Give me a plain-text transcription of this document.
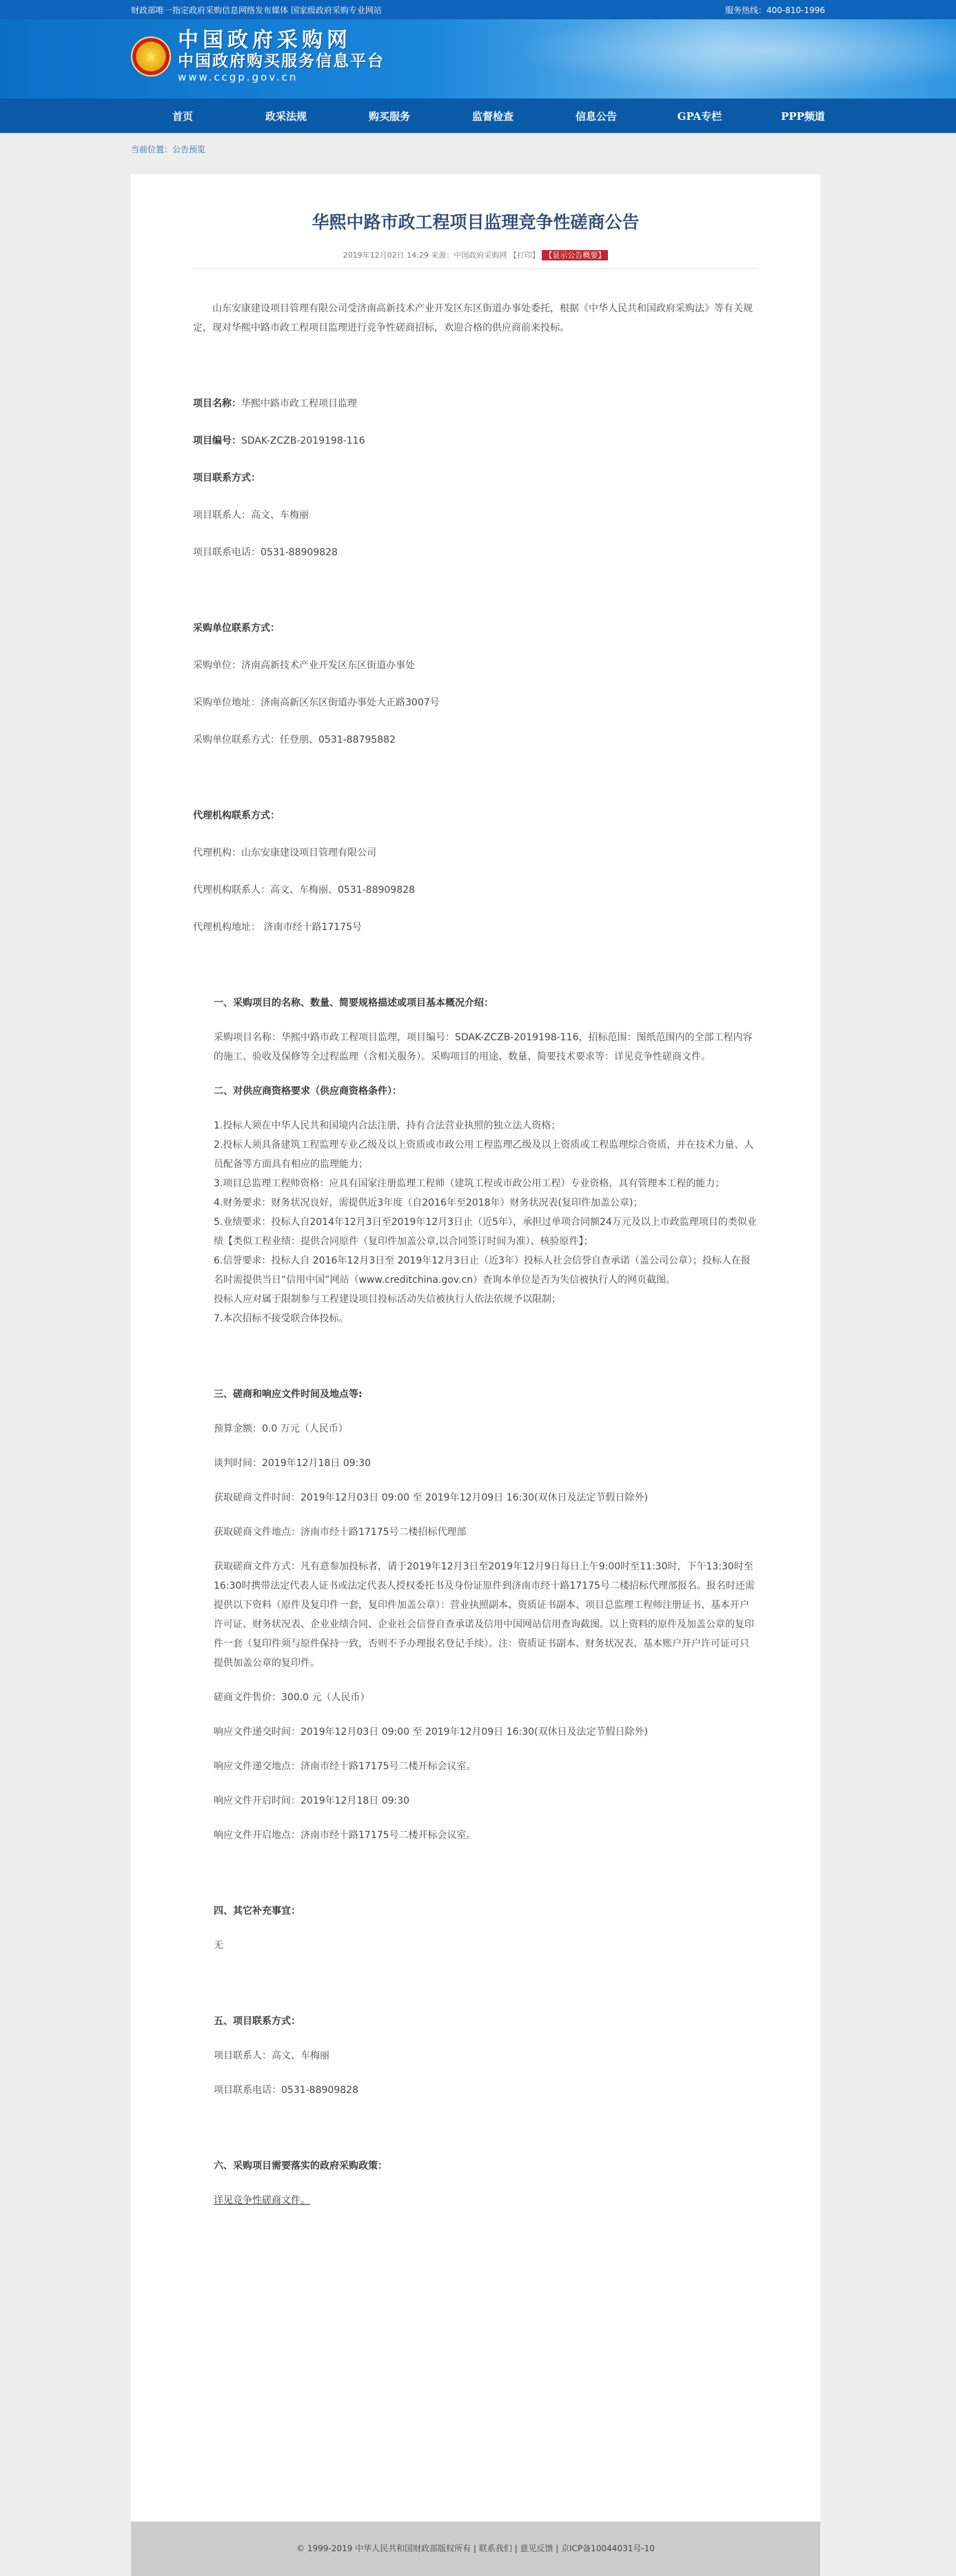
财政部唯一指定政府采购信息网络发布媒体 国家级政府采购专业网站	服务热线：400-810-1996
★
中国政府采购网
中国政府购买服务信息平台
www.ccgp.gov.cn
首页	政采法规	购买服务	监督检查	信息公告	GPA专栏	PPP频道
当前位置：公告预览
华熙中路市政工程项目监理竞争性磋商公告
2019年12月02日 14:29 来源：中国政府采购网 【打印】 【显示公告概要】

山东安康建设项目管理有限公司受济南高新技术产业开发区东区街道办事处委托，根据《中华人民共和国政府采购法》等有关规定，现对华熙中路市政工程项目监理进行竞争性磋商招标，欢迎合格的供应商前来投标。

项目名称：华熙中路市政工程项目监理

项目编号：SDAK-ZCZB-2019198-116

项目联系方式：

项目联系人：高文、车梅丽

项目联系电话：0531-88909828

采购单位联系方式：

采购单位：济南高新技术产业开发区东区街道办事处

采购单位地址：济南高新区东区街道办事处大正路3007号

采购单位联系方式：任登朋、0531-88795882

代理机构联系方式：

代理机构：山东安康建设项目管理有限公司

代理机构联系人：高文、车梅丽、0531-88909828

代理机构地址： 济南市经十路17175号

一、采购项目的名称、数量、简要规格描述或项目基本概况介绍：

采购项目名称：华熙中路市政工程项目监理，项目编号：SDAK-ZCZB-2019198-116，招标范围：图纸范围内的全部工程内容的施工、验收及保修等全过程监理（含相关服务）。采购项目的用途、数量、简要技术要求等：详见竞争性磋商文件。

二、对供应商资格要求（供应商资格条件）：

1.投标人须在中华人民共和国境内合法注册，持有合法营业执照的独立法人资格；
2.投标人须具备建筑工程监理专业乙级及以上资质或市政公用工程监理乙级及以上资质或工程监理综合资质，并在技术力量、人员配备等方面具有相应的监理能力；
3.项目总监理工程师资格：应具有国家注册监理工程师（建筑工程或市政公用工程）专业资格，具有管理本工程的能力；
4.财务要求：财务状况良好，需提供近3年度（自2016年至2018年）财务状况表(复印件加盖公章)；
5.业绩要求：投标人自2014年12月3日至2019年12月3日止（近5年），承担过单项合同额24万元及以上市政监理项目的类似业绩【类似工程业绩：提供合同原件（复印件加盖公章,以合同签订时间为准）、核验原件】；
6.信誉要求：投标人自 2016年12月3日至 2019年12月3日止（近3年）投标人社会信誉自查承诺（盖公司公章）；投标人在报名时需提供当日“信用中国”网站（www.creditchina.gov.cn）查询本单位是否为失信被执行人的网页截图。
投标人应对属于限制参与工程建设项目投标活动失信被执行人依法依规予以限制；
7.本次招标不接受联合体投标。

三、磋商和响应文件时间及地点等:

预算金额：0.0 万元（人民币）

谈判时间：2019年12月18日 09:30

获取磋商文件时间：2019年12月03日 09:00 至 2019年12月09日 16:30(双休日及法定节假日除外)

获取磋商文件地点：济南市经十路17175号二楼招标代理部

获取磋商文件方式：凡有意参加投标者，请于2019年12月3日至2019年12月9日每日上午9:00时至11:30时，下午13:30时至16:30时携带法定代表人证书或法定代表人授权委托书及身份证原件到济南市经十路17175号二楼招标代理部报名。报名时还需提供以下资料（原件及复印件一套，复印件加盖公章）：营业执照副本、资质证书副本、项目总监理工程师注册证书、基本开户许可证、财务状况表、企业业绩合同、企业社会信誉自查承诺及信用中国网站信用查询截图。以上资料的原件及加盖公章的复印件一套（复印件须与原件保持一致，否则不予办理报名登记手续）。注：资质证书副本、财务状况表、基本账户开户许可证可只提供加盖公章的复印件。

磋商文件售价：300.0 元（人民币）

响应文件递交时间：2019年12月03日 09:00 至 2019年12月09日 16:30(双休日及法定节假日除外)

响应文件递交地点：济南市经十路17175号二楼开标会议室。

响应文件开启时间：2019年12月18日 09:30

响应文件开启地点：济南市经十路17175号二楼开标会议室。

四、其它补充事宜：

无

五、项目联系方式：

项目联系人：高文、车梅丽

项目联系电话：0531-88909828

六、采购项目需要落实的政府采购政策：

详见竞争性磋商文件。

© 1999-2019 中华人民共和国财政部版权所有 | 联系我们 | 意见反馈 | 京ICP备10044031号-10
